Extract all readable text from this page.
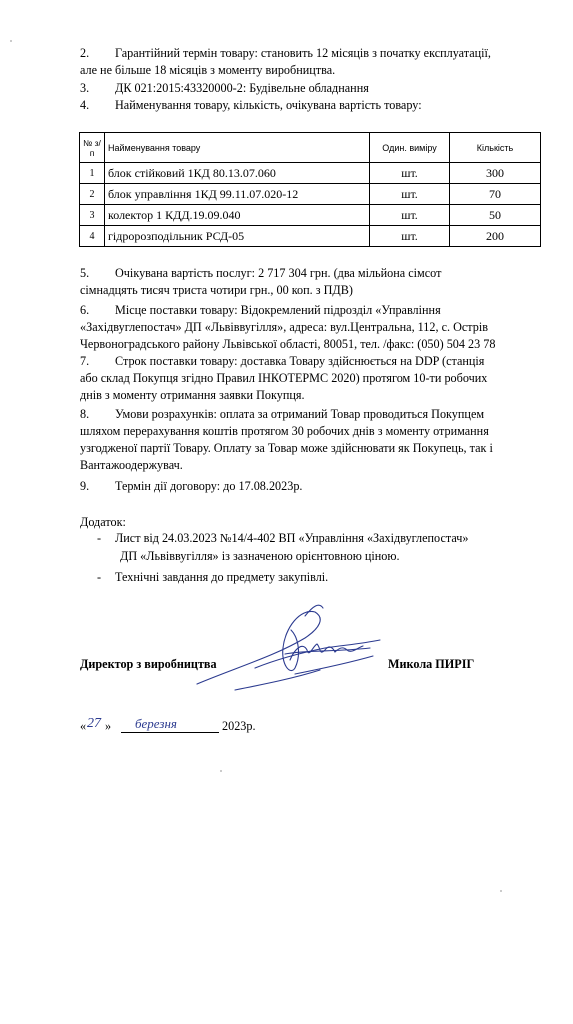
2. Гарантійний термін товару: становить 12 місяців з початку експлуатації,
але не більше 18 місяців з моменту виробництва.
3. ДК 021:2015:43320000-2: Будівельне обладнання
4. Найменування товару, кількість, очікувана вартість товару:
№ з/п	Найменування товару	Один. виміру	Кількість
1	блок стійковий 1КД 80.13.07.060	шт.	300
2	блок управління 1КД 99.11.07.020-12	шт.	70
3	колектор 1 КДД.19.09.040	шт.	50
4	гідророзподільник РСД-05	шт.	200
5. Очікувана вартість послуг: 2 717 304 грн. (два мільйона сімсот
сімнадцять тисяч триста чотири грн., 00 коп. з ПДВ)
6. Місце поставки товару: Відокремлений підрозділ «Управління
«Західвуглепостач» ДП «Львіввугілля», адреса: вул.Центральна, 112, с. Острів
Червоноградського району Львівської області, 80051, тел. /факс: (050) 504 23 78
7. Строк поставки товару: доставка Товару здійснюється на DDP (станція
або склад Покупця згідно Правил ІНКОТЕРМС 2020) протягом 10-ти робочих
днів з моменту отримання заявки Покупця.
8. Умови розрахунків: оплата за отриманий Товар проводиться Покупцем
шляхом перерахування коштів протягом 30 робочих днів з моменту отримання
узгодженої партії Товару. Оплату за Товар може здійснювати як Покупець, так і
Вантажоодержувач.
9. Термін дії договору: до 17.08.2023р.
Додаток:
- Лист від 24.03.2023 №14/4-402 ВП «Управління «Західвуглепостач»
ДП «Львіввугілля» із зазначеною орієнтовною ціною.
- Технічні завдання до предмету закупівлі.
Директор з виробництва	Микола ПИРІГ
« 27 » березня	2023р.
